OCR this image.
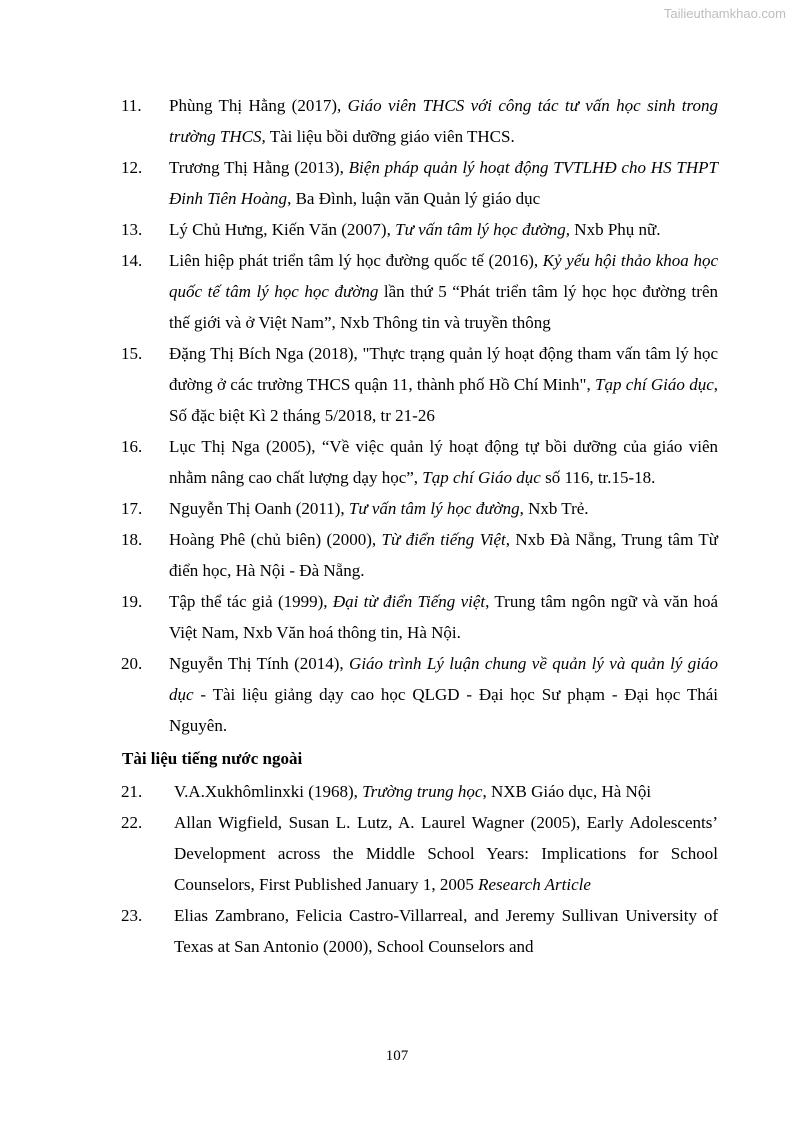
Tailieuthamkhao.com
11. Phùng Thị Hằng (2017), Giáo viên THCS với công tác tư vấn học sinh trong trường THCS, Tài liệu bồi dưỡng giáo viên THCS.
12. Trương Thị Hằng (2013), Biện pháp quản lý hoạt động TVTLHĐ cho HS THPT Đinh Tiên Hoàng, Ba Đình, luận văn Quản lý giáo dục
13. Lý Chủ Hưng, Kiến Văn (2007), Tư vấn tâm lý học đường, Nxb Phụ nữ.
14. Liên hiệp phát triển tâm lý học đường quốc tế (2016), Kỷ yếu hội thảo khoa học quốc tế tâm lý học học đường lần thứ 5 “Phát triển tâm lý học học đường trên thế giới và ở Việt Nam”, Nxb Thông tin và truyền thông
15. Đặng Thị Bích Nga (2018), "Thực trạng quản lý hoạt động tham vấn tâm lý học đường ở các trường THCS quận 11, thành phố Hồ Chí Minh", Tạp chí Giáo dục, Số đặc biệt Kì 2 tháng 5/2018, tr 21-26
16. Lục Thị Nga (2005), “Về việc quản lý hoạt động tự bồi dưỡng của giáo viên nhằm nâng cao chất lượng dạy học”, Tạp chí Giáo dục số 116, tr.15-18.
17. Nguyễn Thị Oanh (2011), Tư vấn tâm lý học đường, Nxb Trẻ.
18. Hoàng Phê (chủ biên) (2000), Từ điển tiếng Việt, Nxb Đà Nẵng, Trung tâm Từ điển học, Hà Nội - Đà Nẵng.
19. Tập thể tác giả (1999), Đại từ điển Tiếng việt, Trung tâm ngôn ngữ và văn hoá Việt Nam, Nxb Văn hoá thông tin, Hà Nội.
20. Nguyễn Thị Tính (2014), Giáo trình Lý luận chung về quản lý và quản lý giáo dục - Tài liệu giảng dạy cao học QLGD - Đại học Sư phạm - Đại học Thái Nguyên.
Tài liệu tiếng nước ngoài
21. V.A.Xukhômlinxki (1968), Trường trung học, NXB Giáo dục, Hà Nội
22. Allan Wigfield, Susan L. Lutz, A. Laurel Wagner (2005), Early Adolescents’ Development across the Middle School Years: Implications for School Counselors, First Published January 1, 2005 Research Article
23. Elias Zambrano, Felicia Castro-Villarreal, and Jeremy Sullivan University of Texas at San Antonio (2000), School Counselors and
107
